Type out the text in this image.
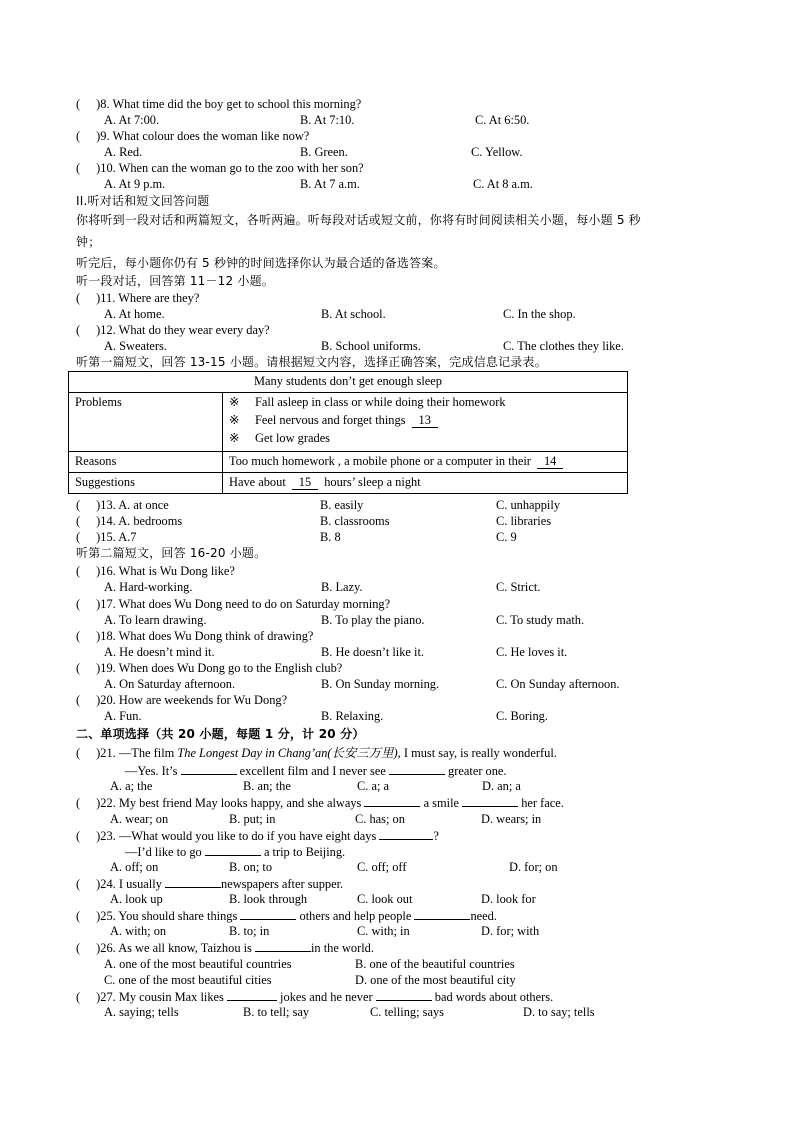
( )8. What time did the boy get to school this morning?
A. At 7:00.	B. At 7:10.	C. At 6:50.
( )9. What colour does the woman like now?
A. Red.	B. Green.	C. Yellow.
( )10. When can the woman go to the zoo with her son?
A. At 9 p.m.	B. At 7 a.m.	C. At 8 a.m.
II.听对话和短文回答问题
你将听到一段对话和两篇短文，各听两遍。听每段对话或短文前，你将有时间阅读相关小题，每小题 5 秒
钟；
听完后，每小题你仍有 5 秒钟的时间选择你认为最合适的备选答案。
听一段对话，回答第 11－12 小题。
( )11. Where are they?
A. At home.	B. At school.	C. In the shop.
( )12. What do they wear every day?
A. Sweaters.	B. School uniforms.	C. The clothes they like.
听第一篇短文，回答 13-15 小题。请根据短文内容，选择正确答案，完成信息记录表。
Many students don’t get enough sleep	
Problems	※ Fall asleep in class or while doing their homework
※ Feel nervous and forget things 13
※ Get low grades

Reasons	Too much homework , a mobile phone or a computer in their 14
Suggestions	Have about 15 hours’ sleep a night
( )13. A. at once	B. easily	C. unhappily
( )14. A. bedrooms	B. classrooms	C. libraries
( )15. A.7	B. 8	C. 9
听第二篇短文，回答 16-20 小题。
( )16. What is Wu Dong like?
A. Hard-working.	B. Lazy.	C. Strict.
( )17. What does Wu Dong need to do on Saturday morning?
A. To learn drawing.	B. To play the piano.	C. To study math.
( )18. What does Wu Dong think of drawing?
A. He doesn’t mind it.	B. He doesn’t like it.	C. He loves it.
( )19. When does Wu Dong go to the English club?
A. On Saturday afternoon.	B. On Sunday morning.	C. On Sunday afternoon.
( )20. How are weekends for Wu Dong?
A. Fun.	B. Relaxing.	C. Boring.
二、单项选择（共 20 小题，每题 1 分，计 20 分）
( )21. —The film The Longest Day in Chang’an(长安三万里), I must say, is really wonderful.
—Yes. It’s	excellent film and I never see	greater one.
A. a; the	B. an; the	C. a; a	D. an; a
( )22. My best friend May looks happy, and she always	a smile	her face.
A. wear; on	B. put; in	C. has; on	D. wears; in
( )23. —What would you like to do if you have eight days	?
—I’d like to go	a trip to Beijing.
A. off; on	B. on; to	C. off; off	D. for; on
( )24. I usually	newspapers after supper.
A. look up	B. look through	C. look out	D. look for
( )25. You should share things	others and help people	need.
A. with; on	B. to; in	C. with; in	D. for; with
( )26. As we all know, Taizhou is	in the world.
A. one of the most beautiful countries	B. one of the beautiful countries
C. one of the most beautiful cities	D. one of the most beautiful city
( )27. My cousin Max likes	jokes and he never	bad words about others.
A. saying; tells	B. to tell; say	C. telling; says	D. to say; tells
